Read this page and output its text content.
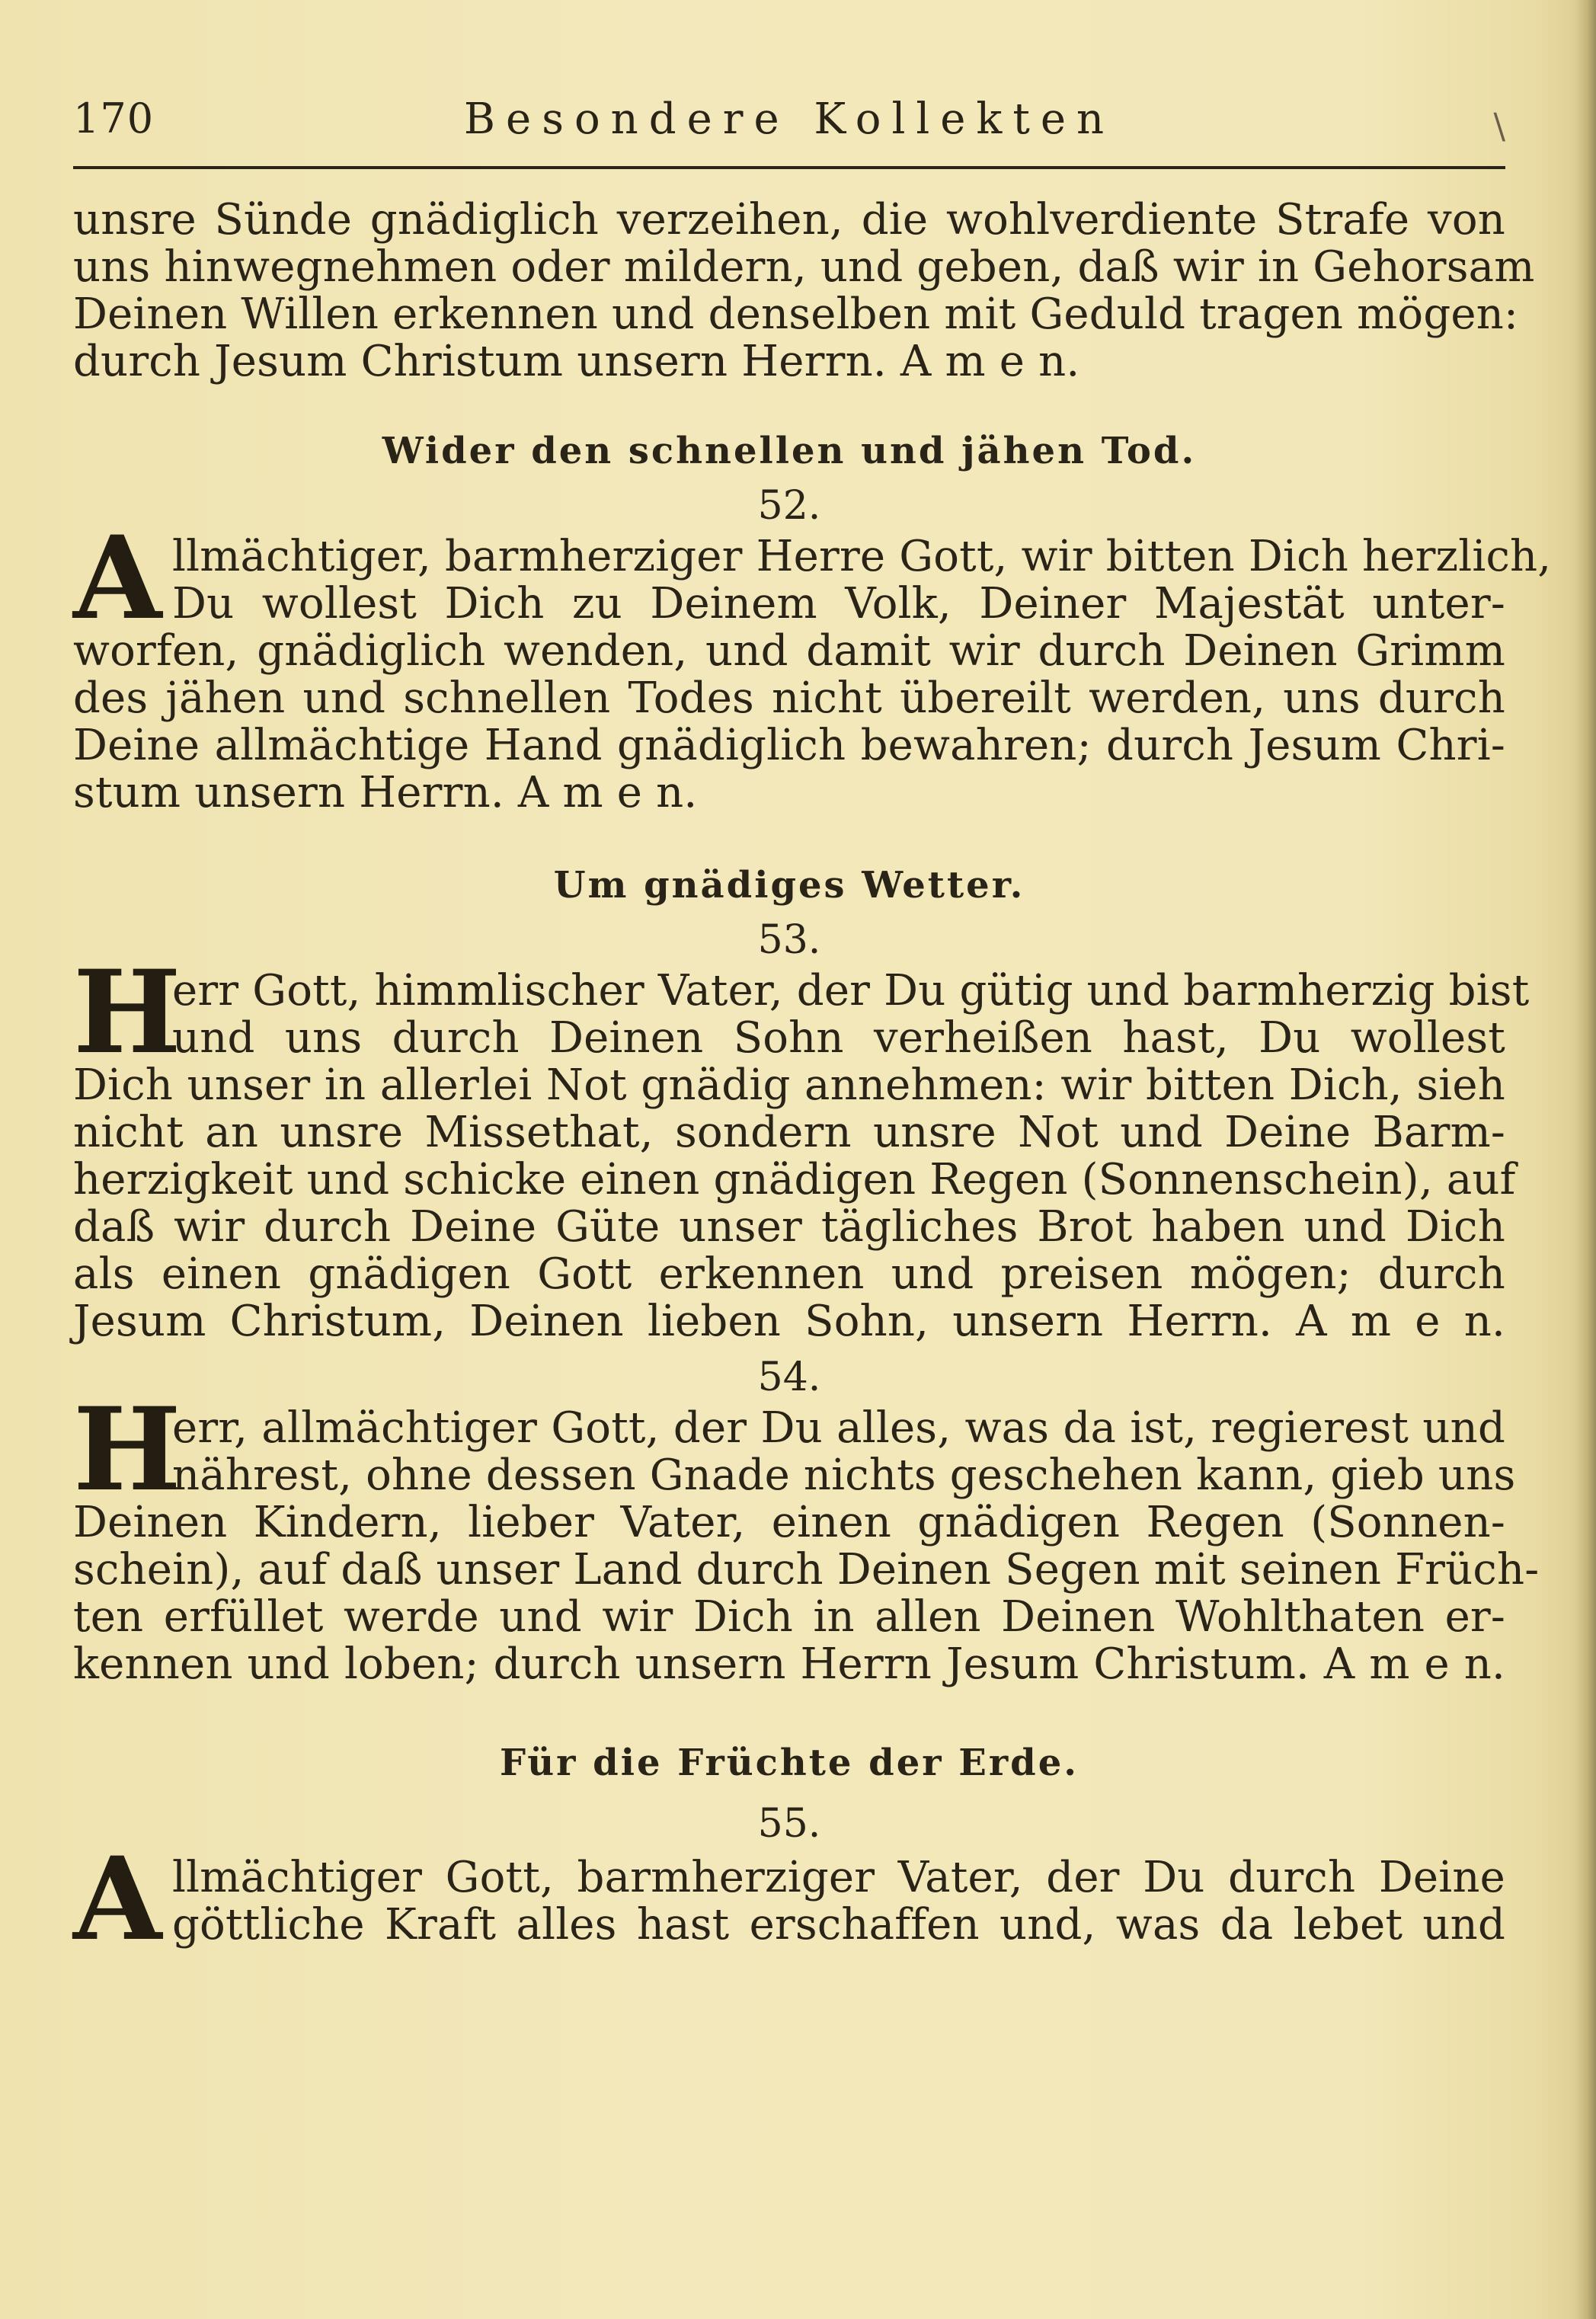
170	Besondere Kollekten	\
unsre Sünde gnädiglich verzeihen, die wohlverdiente Strafe von
uns hinwegnehmen oder mildern, und geben, daß wir in Gehorsam
Deinen Willen erkennen und denselben mit Geduld tragen mögen:
durch Jesum Christum unsern Herrn. A m e n.
Wider den schnellen und jähen Tod.
52.
A llmächtiger, barmherziger Herre Gott, wir bitten Dich herzlich,
Du wollest Dich zu Deinem Volk, Deiner Majestät unter-
worfen, gnädiglich wenden, und damit wir durch Deinen Grimm
des jähen und schnellen Todes nicht übereilt werden, uns durch
Deine allmächtige Hand gnädiglich bewahren; durch Jesum Chri-
stum unsern Herrn. A m e n.
Um gnädiges Wetter.
53.
H
err Gott, himmlischer Vater, der Du gütig und barmherzig bist
und uns durch Deinen Sohn verheißen hast, Du wollest
Dich unser in allerlei Not gnädig annehmen: wir bitten Dich, sieh
nicht an unsre Missethat, sondern unsre Not und Deine Barm-
herzigkeit und schicke einen gnädigen Regen (Sonnenschein), auf
daß wir durch Deine Güte unser tägliches Brot haben und Dich
als einen gnädigen Gott erkennen und preisen mögen; durch
Jesum Christum, Deinen lieben Sohn, unsern Herrn. A m e n.
54.
H
err, allmächtiger Gott, der Du alles, was da ist, regierest und
nährest, ohne dessen Gnade nichts geschehen kann, gieb uns
Deinen Kindern, lieber Vater, einen gnädigen Regen (Sonnen-
schein), auf daß unser Land durch Deinen Segen mit seinen Früch-
ten erfüllet werde und wir Dich in allen Deinen Wohlthaten er-
kennen und loben; durch unsern Herrn Jesum Christum. A m e n.
Für die Früchte der Erde.
55.
A llmächtiger Gott, barmherziger Vater, der Du durch Deine
göttliche Kraft alles hast erschaffen und, was da lebet und
